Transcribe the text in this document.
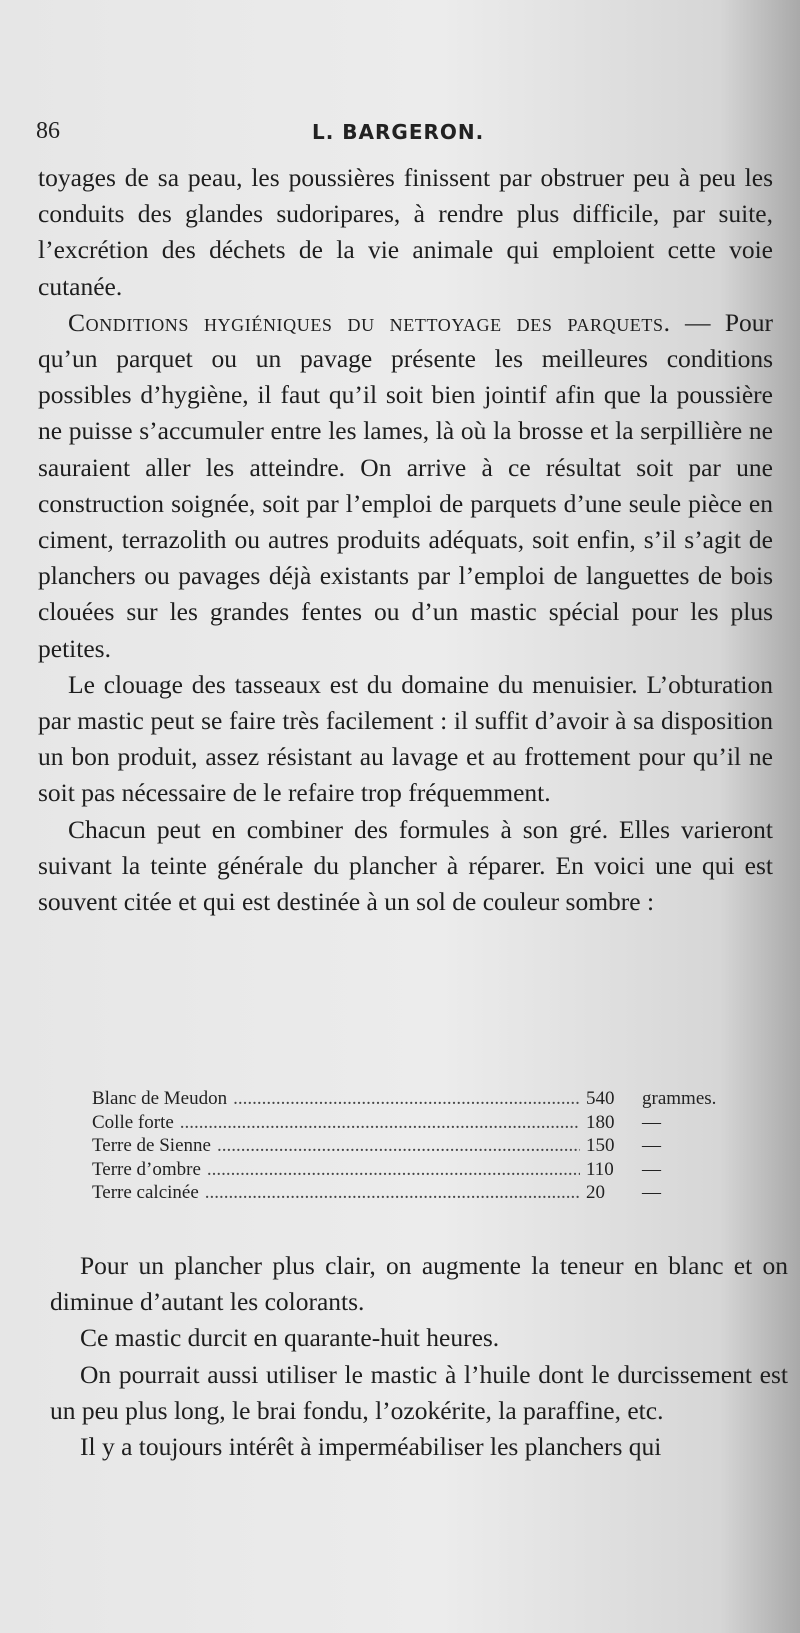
86	L. BARGERON.

toyages de sa peau, les poussières finissent par obstruer peu à peu les conduits des glandes sudoripares, à rendre plus difficile, par suite, l’excrétion des déchets de la vie animale qui emploient cette voie cutanée.

Conditions hygiéniques du nettoyage des parquets. — Pour qu’un parquet ou un pavage présente les meilleures conditions possibles d’hygiène, il faut qu’il soit bien jointif afin que la poussière ne puisse s’accumuler entre les lames, là où la brosse et la serpillière ne sauraient aller les atteindre. On arrive à ce résultat soit par une construction soignée, soit par l’emploi de parquets d’une seule pièce en ciment, terrazolith ou autres produits adéquats, soit enfin, s’il s’agit de planchers ou pavages déjà existants par l’emploi de languettes de bois clouées sur les grandes fentes ou d’un mastic spécial pour les plus petites.

Le clouage des tasseaux est du domaine du menuisier. L’obturation par mastic peut se faire très facilement : il suffit d’avoir à sa disposition un bon produit, assez résistant au lavage et au frottement pour qu’il ne soit pas nécessaire de le refaire trop fréquemment.

Chacun peut en combiner des formules à son gré. Elles varieront suivant la teinte générale du plancher à réparer. En voici une qui est souvent citée et qui est destinée à un sol de couleur sombre :

Blanc de Meudon .....	540	grammes.
Colle forte .....	180	—
Terre de Sienne .....	150	—
Terre d’ombre .....	110	—
Terre calcinée .....	20	—

Pour un plancher plus clair, on augmente la teneur en blanc et on diminue d’autant les colorants.

Ce mastic durcit en quarante-huit heures.

On pourrait aussi utiliser le mastic à l’huile dont le durcissement est un peu plus long, le brai fondu, l’ozokérite, la paraffine, etc.

Il y a toujours intérêt à imperméabiliser les planchers qui
